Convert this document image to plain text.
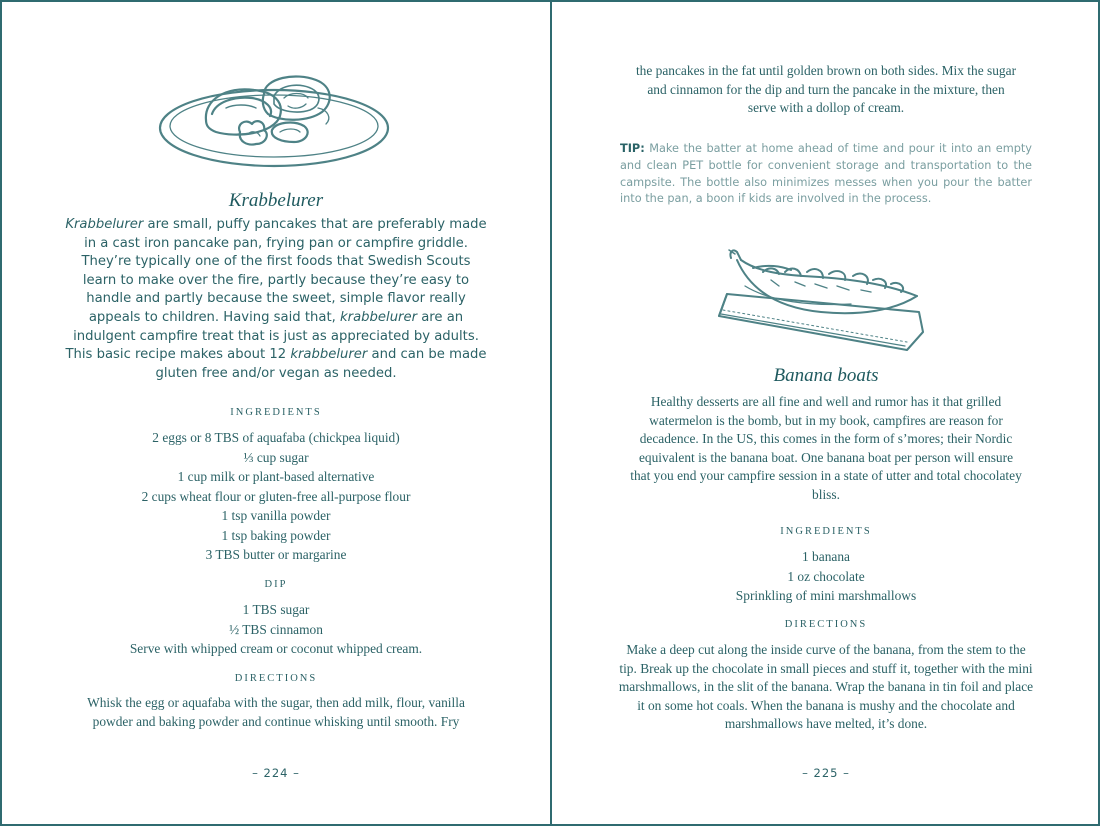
Krabbelurer
Krabbelurer are small, puffy pancakes that are preferably made in a cast iron pancake pan, frying pan or campfire griddle. They’re typically one of the first foods that Swedish Scouts learn to make over the fire, partly because they’re easy to handle and partly because the sweet, simple flavor really appeals to children. Having said that, krabbelurer are an indulgent campfire treat that is just as appreciated by adults. This basic recipe makes about 12 krabbelurer and can be made gluten free and/or vegan as needed.
INGREDIENTS
2 eggs or 8 TBS of aquafaba (chickpea liquid)
⅓ cup sugar
1 cup milk or plant-based alternative
2 cups wheat flour or gluten-free all-purpose flour
1 tsp vanilla powder
1 tsp baking powder
3 TBS butter or margarine
DIP
1 TBS sugar
½ TBS cinnamon
Serve with whipped cream or coconut whipped cream.
DIRECTIONS
Whisk the egg or aquafaba with the sugar, then add milk, flour, vanilla
powder and baking powder and continue whisking until smooth. Fry
– 224 –
the pancakes in the fat until golden brown on both sides. Mix the sugar
and cinnamon for the dip and turn the pancake in the mixture, then
serve with a dollop of cream.
TIP: Make the batter at home ahead of time and pour it into an empty and clean PET bottle for convenient storage and transportation to the campsite. The bottle also minimizes messes when you pour the batter into the pan, a boon if kids are involved in the process.
Banana boats
Healthy desserts are all fine and well and rumor has it that grilled watermelon is the bomb, but in my book, campfires are reason for decadence. In the US, this comes in the form of s’mores; their Nordic equivalent is the banana boat. One banana boat per person will ensure that you end your campfire session in a state of utter and total chocolatey bliss.
INGREDIENTS
1 banana
1 oz chocolate
Sprinkling of mini marshmallows
DIRECTIONS
Make a deep cut along the inside curve of the banana, from the stem to the tip. Break up the chocolate in small pieces and stuff it, together with the mini marshmallows, in the slit of the banana. Wrap the banana in tin foil and place it on some hot coals. When the banana is mushy and the chocolate and marshmallows have melted, it’s done.
– 225 –
